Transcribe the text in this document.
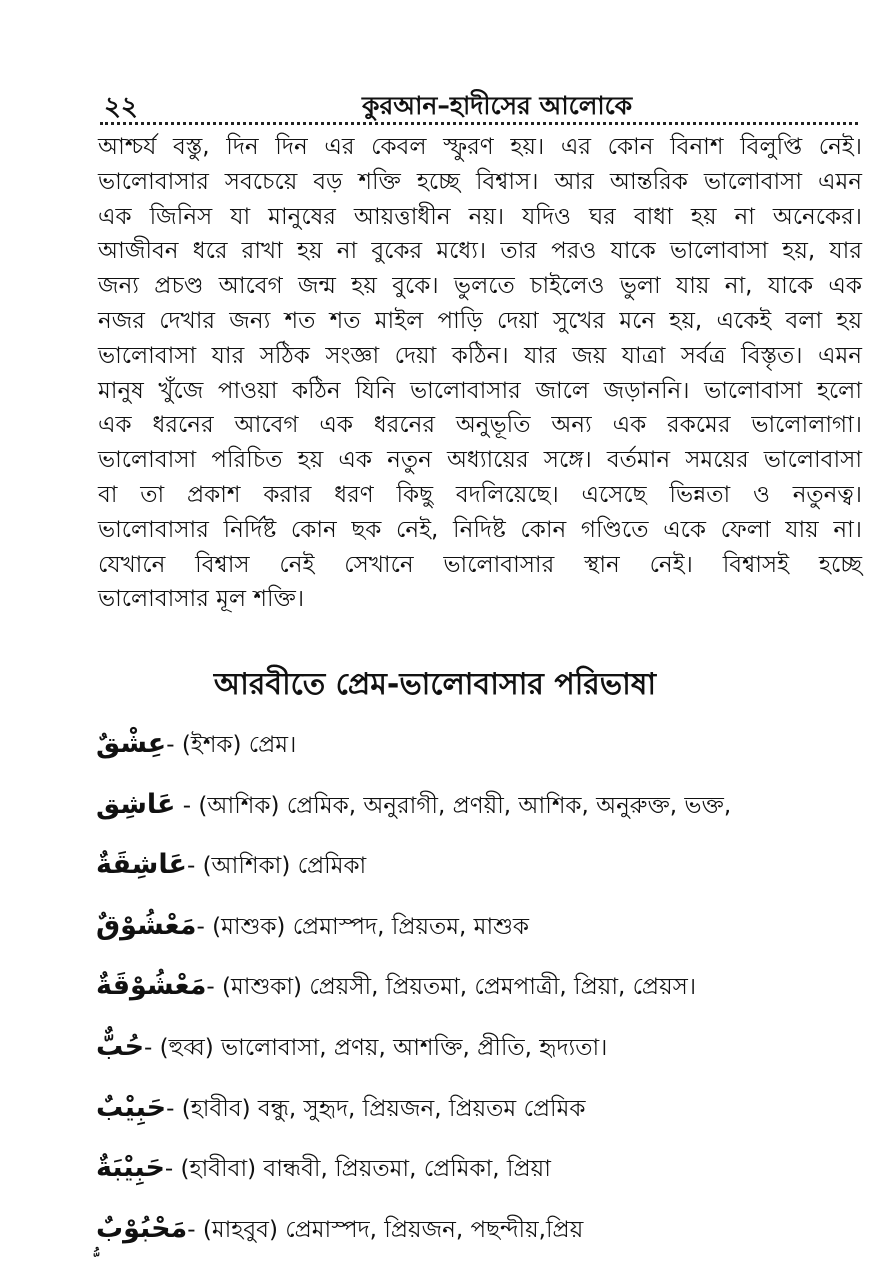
২২	কুরআন–হাদীসের আলোকে
আশ্চর্য বস্তু, দিন দিন এর কেবল স্ফুরণ হয়। এর কোন বিনাশ বিলুপ্তি নেই।
ভালোবাসার সবচেয়ে বড় শক্তি হচ্ছে বিশ্বাস। আর আন্তরিক ভালোবাসা এমন
এক জিনিস যা মানুষের আয়ত্তাধীন নয়। যদিও ঘর বাধা হয় না অনেকের।
আজীবন ধরে রাখা হয় না বুকের মধ্যে। তার পরও যাকে ভালোবাসা হয়, যার
জন্য প্রচণ্ড আবেগ জন্ম হয় বুকে। ভুলতে চাইলেও ভুলা যায় না, যাকে এক
নজর দেখার জন্য শত শত মাইল পাড়ি দেয়া সুখের মনে হয়, একেই বলা হয়
ভালোবাসা যার সঠিক সংজ্ঞা দেয়া কঠিন। যার জয় যাত্রা সর্বত্র বিস্তৃত। এমন
মানুষ খুঁজে পাওয়া কঠিন যিনি ভালোবাসার জালে জড়াননি। ভালোবাসা হলো
এক ধরনের আবেগ এক ধরনের অনুভূতি অন্য এক রকমের ভালোলাগা।
ভালোবাসা পরিচিত হয় এক নতুন অধ্যায়ের সঙ্গে। বর্তমান সময়ের ভালোবাসা
বা তা প্রকাশ করার ধরণ কিছু বদলিয়েছে। এসেছে ভিন্নতা ও নতুনত্ব।
ভালোবাসার নির্দিষ্ট কোন ছক নেই, নিদিষ্ট কোন গণ্ডিতে একে ফেলা যায় না।
যেখানে বিশ্বাস নেই সেখানে ভালোবাসার স্থান নেই। বিশ্বাসই হচ্ছে
ভালোবাসার মূল শক্তি।
আরবীতে প্রেম-ভালোবাসার পরিভাষা
عِشْقٌ- (ইশক) প্রেম।
عَاشِق - (আশিক) প্রেমিক, অনুরাগী, প্রণয়ী, আশিক, অনুরুক্ত, ভক্ত,
عَاشِقَةٌ- (আশিকা) প্রেমিকা
مَعْشُوْقٌ- (মাশুক) প্রেমাস্পদ, প্রিয়তম, মাশুক
مَعْشُوْقَةٌ- (মাশুকা) প্রেয়সী, প্রিয়তমা, প্রেমপাত্রী, প্রিয়া, প্রেয়স।
حُبٌّ- (হুব্ব) ভালোবাসা, প্রণয়, আশক্তি, প্রীতি, হৃদ্যতা।
حَبِيْبٌ- (হাবীব) বন্ধু, সুহৃদ, প্রিয়জন, প্রিয়তম প্রেমিক
حَبِيْبَةٌ- (হাবীবা) বান্ধবী, প্রিয়তমা, প্রেমিকা, প্রিয়া
مَحْبُوْبٌ- (মাহবুব) প্রেমাস্পদ, প্রিয়জন, পছন্দীয়,প্রিয়
ّ ُ
